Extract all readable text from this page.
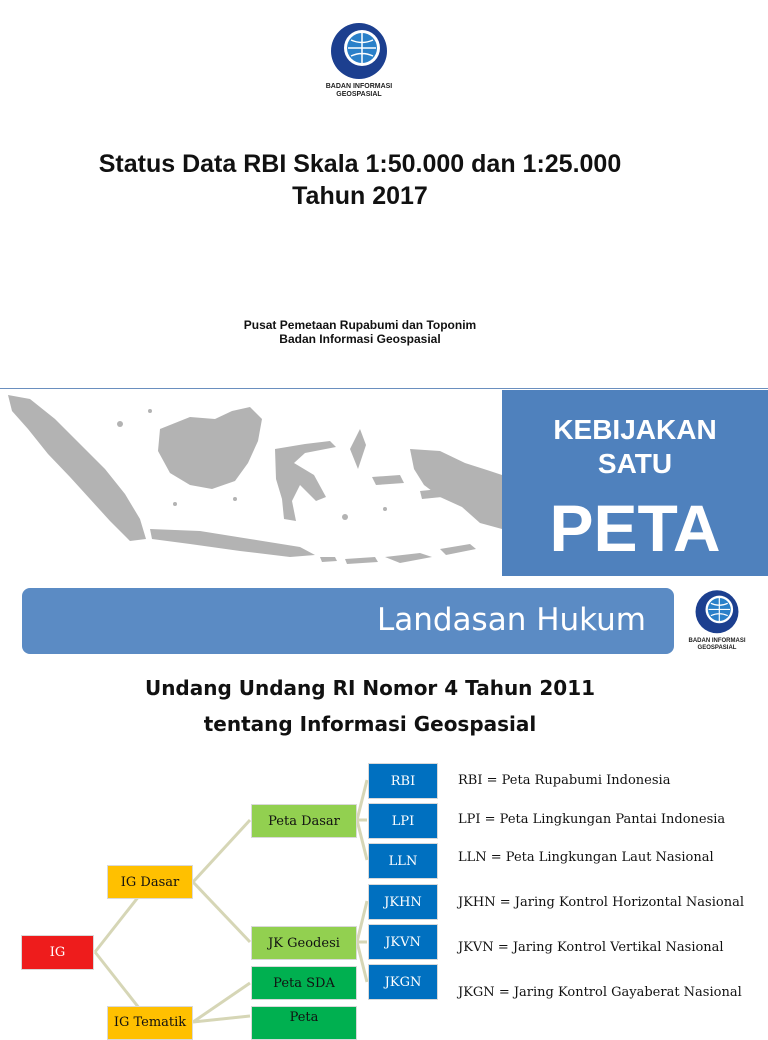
BADAN INFORMASI
GEOSPASIAL
Status Data RBI Skala 1:50.000 dan 1:25.000
Tahun 2017
Pusat Pemetaan Rupabumi dan Toponim
Badan Informasi Geospasial
KEBIJAKAN
SATU
PETA
Landasan Hukum
BADAN INFORMASI
GEOSPASIAL
Undang Undang RI Nomor 4 Tahun 2011
tentang Informasi Geospasial
IG
IG Dasar
IG Tematik
Peta Dasar
JK Geodesi
Peta SDA
Peta
RBI
LPI
LLN
JKHN
JKVN
JKGN
RBI = Peta Rupabumi Indonesia
LPI = Peta Lingkungan Pantai Indonesia
LLN = Peta Lingkungan Laut Nasional
JKHN = Jaring Kontrol Horizontal Nasional
JKVN = Jaring Kontrol Vertikal Nasional
JKGN = Jaring Kontrol Gayaberat Nasional
